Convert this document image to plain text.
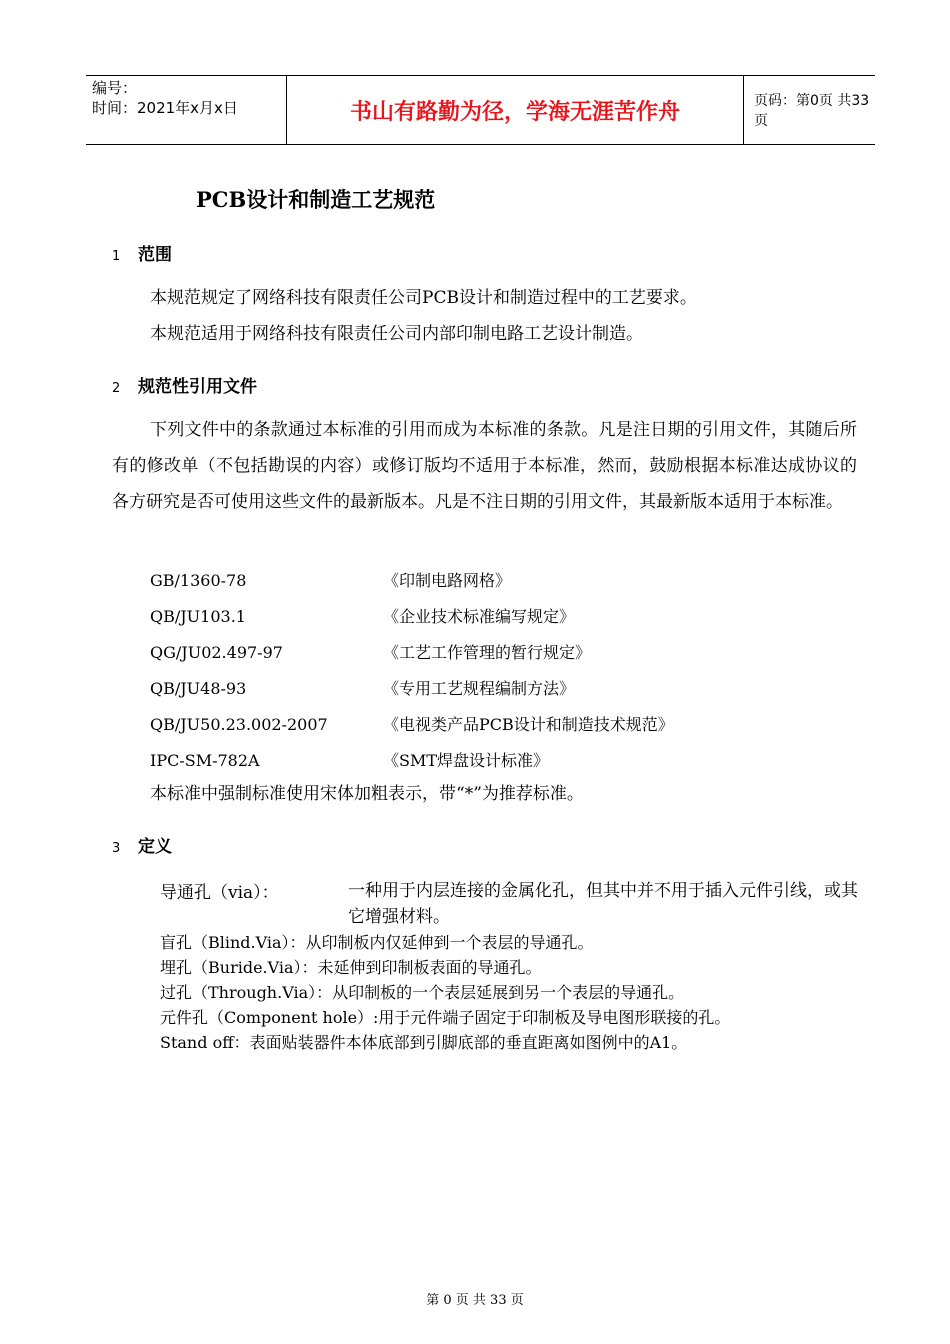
编号：
时间：2021年x月x日	书山有路勤为径，学海无涯苦作舟	页码：第0页 共33页
PCB设计和制造工艺规范
1 范围
本规范规定了网络科技有限责任公司PCB设计和制造过程中的工艺要求。
本规范适用于网络科技有限责任公司内部印制电路工艺设计制造。
2 规范性引用文件
下列文件中的条款通过本标准的引用而成为本标准的条款。凡是注日期的引用文件，其随后所有的修改单（不包括勘误的内容）或修订版均不适用于本标准，然而，鼓励根据本标准达成协议的各方研究是否可使用这些文件的最新版本。凡是不注日期的引用文件，其最新版本适用于本标准。
GB/1360-78	《印制电路网格》
QB/JU103.1	《企业技术标准编写规定》
QG/JU02.497-97	《工艺工作管理的暂行规定》
QB/JU48-93	《专用工艺规程编制方法》
QB/JU50.23.002-2007	《电视类产品PCB设计和制造技术规范》
IPC-SM-782A	《SMT焊盘设计标准》
本标准中强制标准使用宋体加粗表示，带“*”为推荐标准。
3 定义
导通孔（via）：	一种用于内层连接的金属化孔，但其中并不用于插入元件引线，或其它增强材料。
盲孔（Blind.Via）：从印制板内仅延伸到一个表层的导通孔。
埋孔（Buride.Via）：未延伸到印制板表面的导通孔。
过孔（Through.Via）：从印制板的一个表层延展到另一个表层的导通孔。
元件孔（Component hole）:用于元件端子固定于印制板及导电图形联接的孔。
Stand off：表面贴装器件本体底部到引脚底部的垂直距离如图例中的A1。
第 0 页 共 33 页
